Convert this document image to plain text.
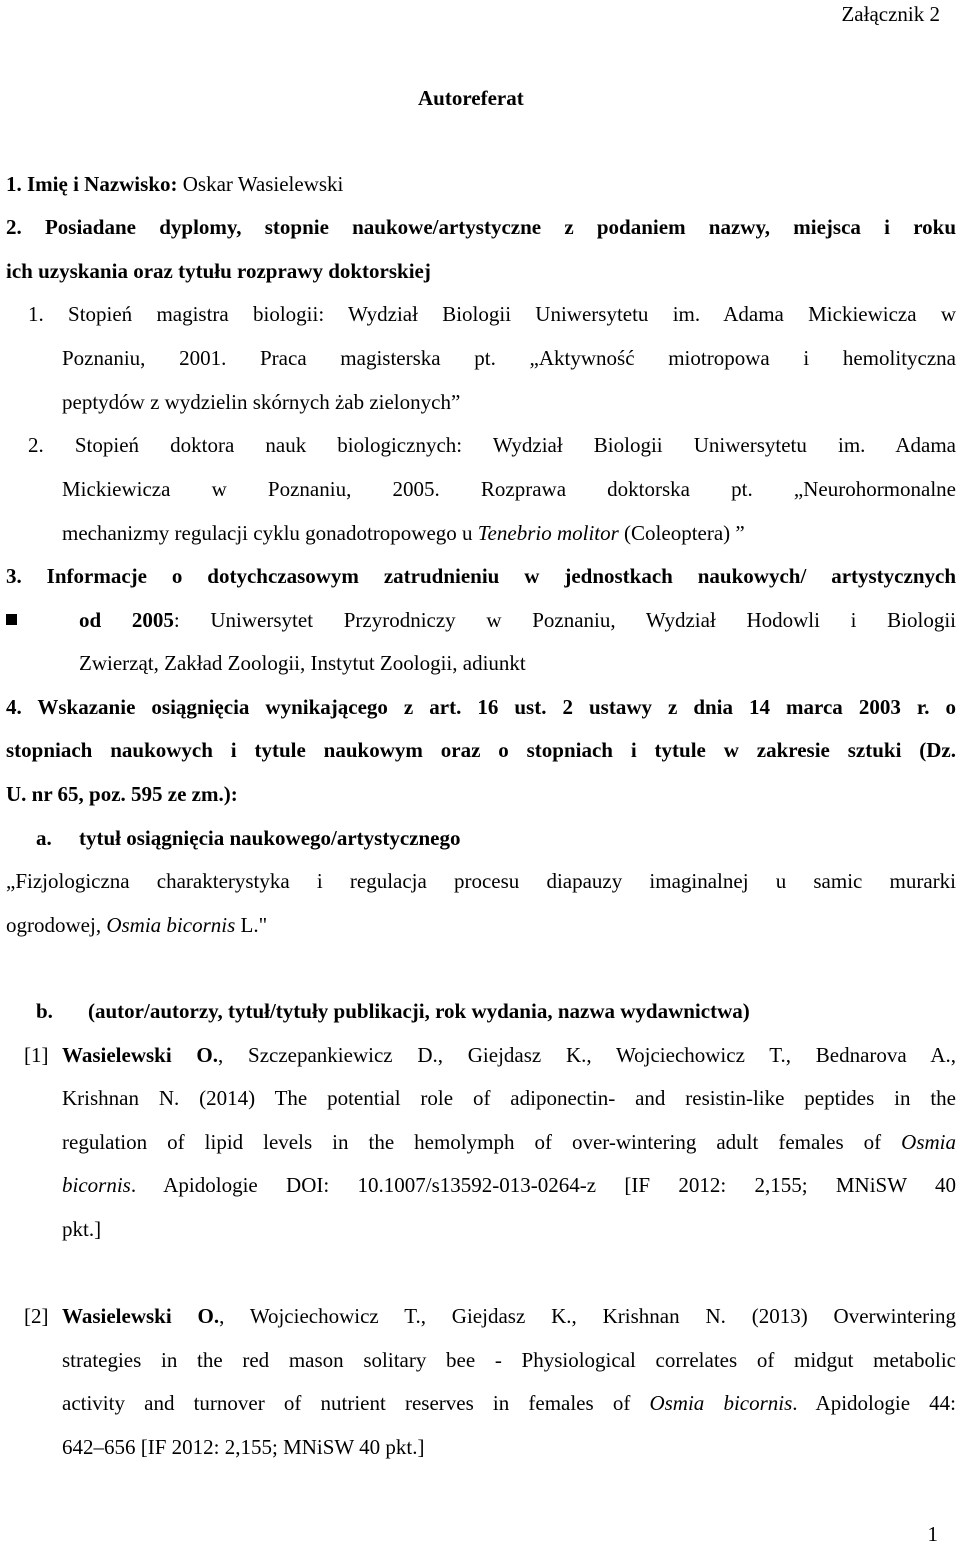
Załącznik 2
Autoreferat
1. Imię i Nazwisko: Oskar Wasielewski
2. Posiadane dyplomy, stopnie naukowe/artystyczne z podaniem nazwy, miejsca i roku
ich uzyskania oraz tytułu rozprawy doktorskiej
1. Stopień magistra biologii: Wydział Biologii Uniwersytetu im. Adama Mickiewicza w
Poznaniu, 2001. Praca magisterska pt. „Aktywność miotropowa i hemolityczna
peptydów z wydzielin skórnych żab zielonych”
2. Stopień doktora nauk biologicznych: Wydział Biologii Uniwersytetu im. Adama
Mickiewicza w Poznaniu, 2005. Rozprawa doktorska pt. „Neurohormonalne
mechanizmy regulacji cyklu gonadotropowego u Tenebrio molitor (Coleoptera) ”
3. Informacje o dotychczasowym zatrudnieniu w jednostkach naukowych/ artystycznych
od 2005: Uniwersytet Przyrodniczy w Poznaniu, Wydział Hodowli i Biologii
Zwierząt, Zakład Zoologii, Instytut Zoologii, adiunkt
4. Wskazanie osiągnięcia wynikającego z art. 16 ust. 2 ustawy z dnia 14 marca 2003 r. o
stopniach naukowych i tytule naukowym oraz o stopniach i tytule w zakresie sztuki (Dz.
U. nr 65, poz. 595 ze zm.):
a. tytuł osiągnięcia naukowego/artystycznego
„Fizjologiczna charakterystyka i regulacja procesu diapauzy imaginalnej u samic murarki
ogrodowej, Osmia bicornis L."
b. (autor/autorzy, tytuł/tytuły publikacji, rok wydania, nazwa wydawnictwa)
[1] Wasielewski O., Szczepankiewicz D., Giejdasz K., Wojciechowicz T., Bednarova A.,
Krishnan N. (2014) The potential role of adiponectin- and resistin-like peptides in the
regulation of lipid levels in the hemolymph of over-wintering adult females of Osmia
bicornis. Apidologie DOI: 10.1007/s13592-013-0264-z [IF 2012: 2,155; MNiSW 40
pkt.]
[2] Wasielewski O., Wojciechowicz T., Giejdasz K., Krishnan N. (2013) Overwintering
strategies in the red mason solitary bee - Physiological correlates of midgut metabolic
activity and turnover of nutrient reserves in females of Osmia bicornis. Apidologie 44:
642–656 [IF 2012: 2,155; MNiSW 40 pkt.]
1
